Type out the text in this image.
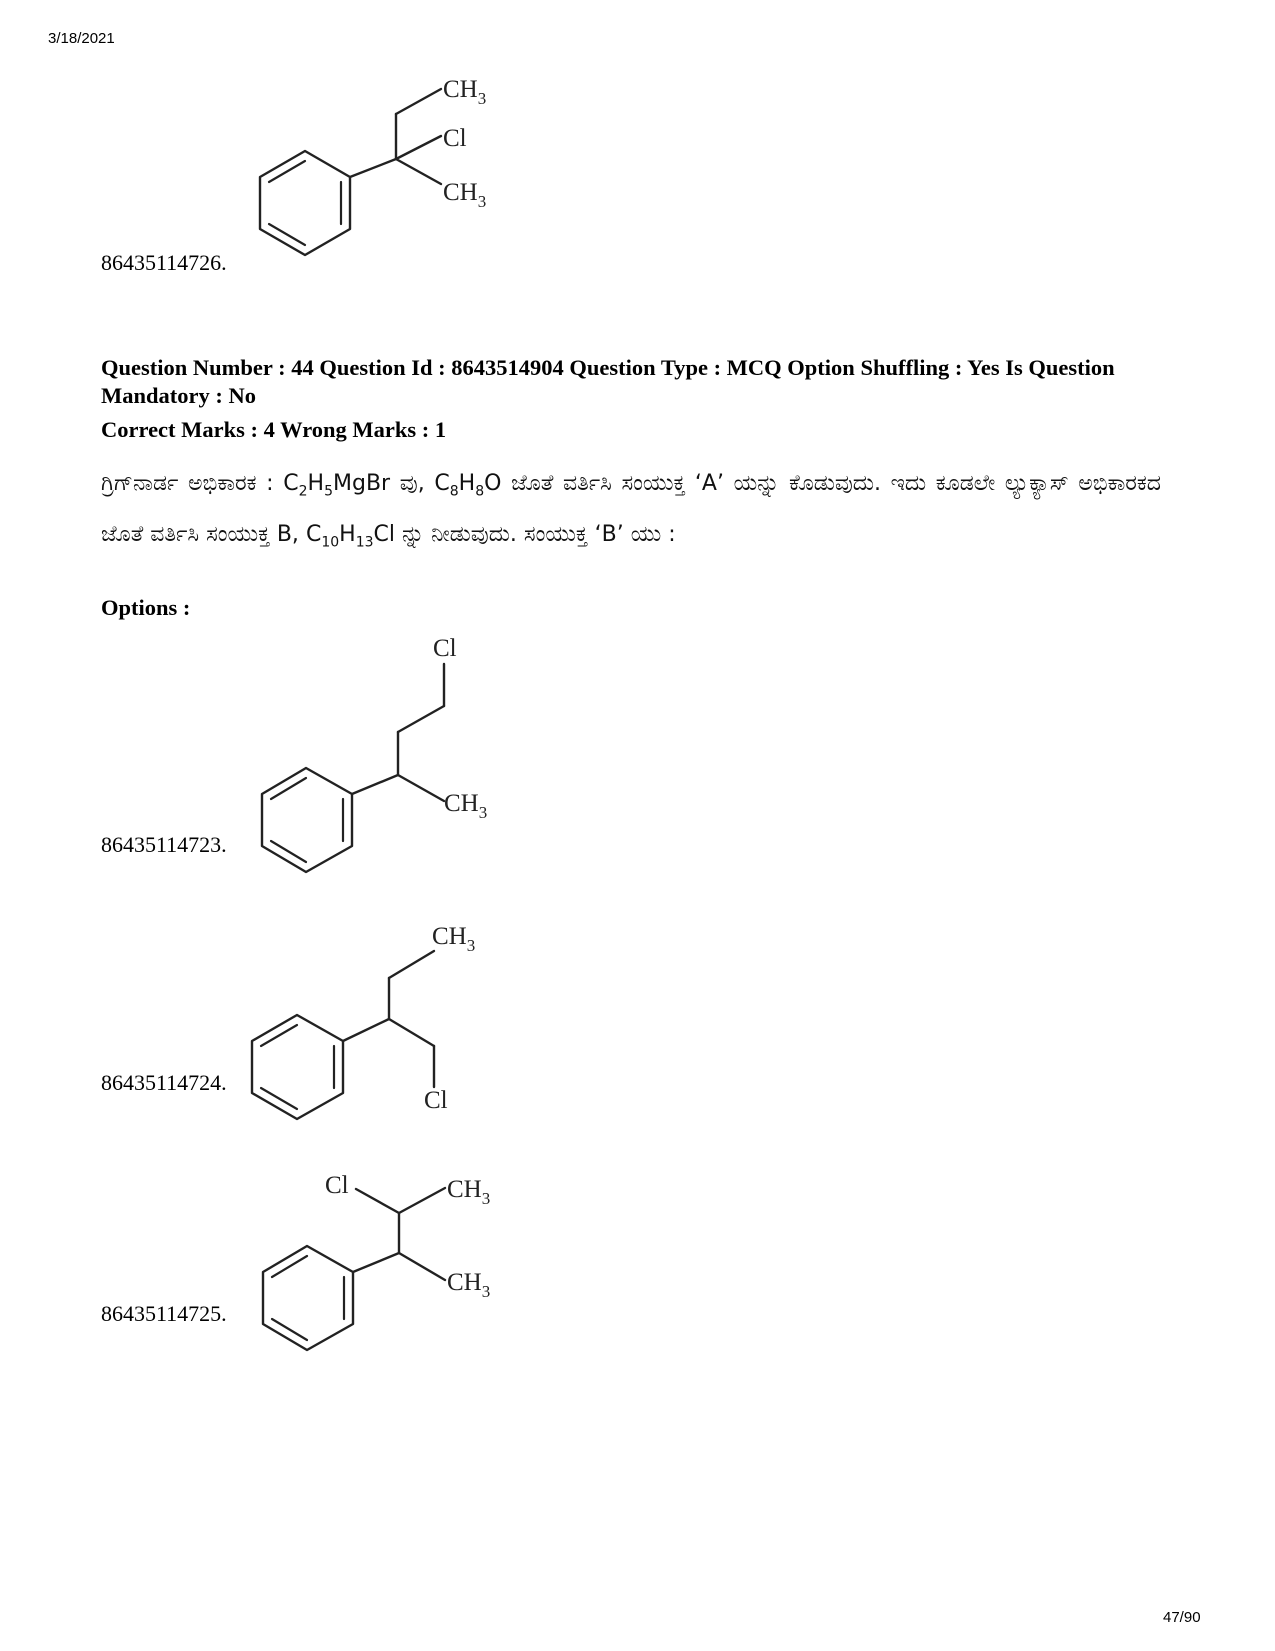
3/18/2021
$CH_3$
Cl
$CH_3$
Cl
$CH_3$
$CH_3$
Cl
Cl	$CH_3$
$CH_3$
86435114726.
Question Number : 44 Question Id : 8643514904 Question Type : MCQ Option Shuffling : Yes Is Question Mandatory : No
Correct Marks : 4 Wrong Marks : 1
ಗ್ರಿಗ್‌ನಾರ್ಡ ಅಭಿಕಾರಕ : $C_2H_5MgBr$ ವು, $C_8H_8O$ ಜೊತೆ ವರ್ತಿಸಿ ಸಂಯುಕ್ತ ‘A’ ಯನ್ನು ಕೊಡುವುದು. ಇದು ಕೂಡಲೇ ಲ್ಯುಕ್ಯಾಸ್ ಅಭಿಕಾರಕದ ಜೊತೆ ವರ್ತಿಸಿ ಸಂಯುಕ್ತ B, $C_{10}H_{13}Cl$ ನ್ನು ನೀಡುವುದು. ಸಂಯುಕ್ತ ‘B’ ಯು :
Options :
86435114723.
86435114724.
86435114725.
47/90
